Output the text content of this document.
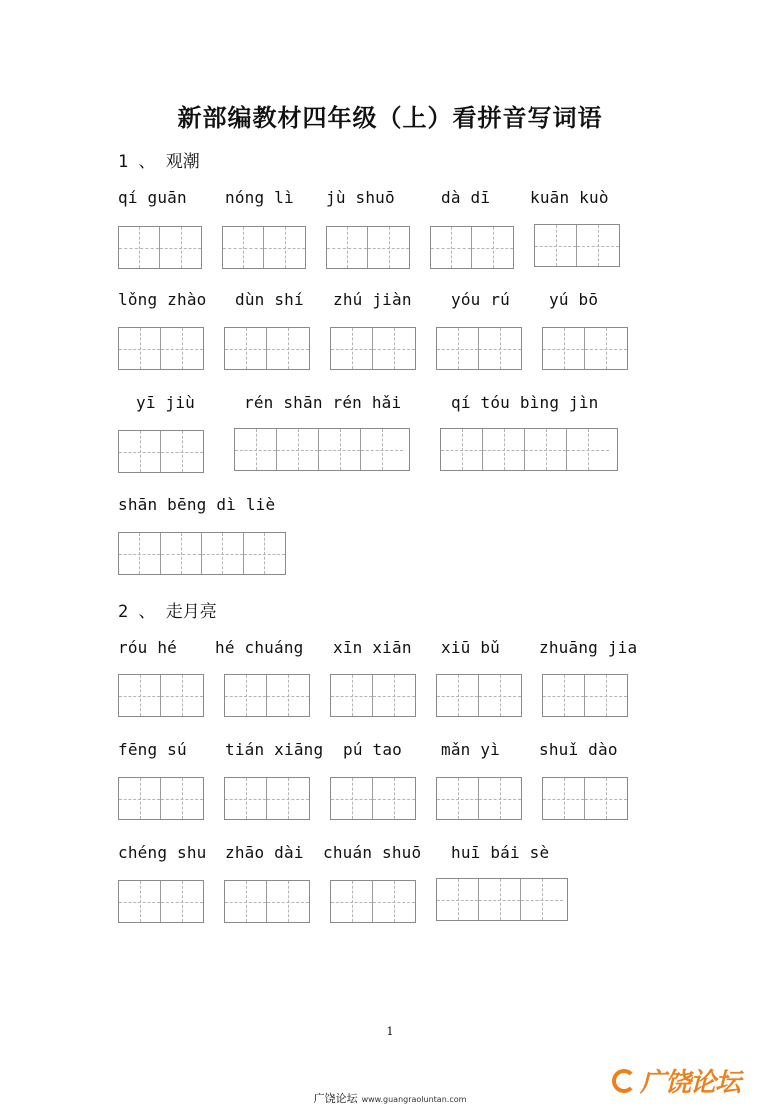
新部编教材四年级（上）看拼音写词语
1 、 观潮
qí guān nóng lì jù shuō	dà dī kuān kuò
lǒng zhào dùn shí zhú jiàn yóu rú yú bō
yī jiù	rén shān rén hǎi	qí tóu bìng jìn
shān bēng dì liè
2 、 走月亮
róu hé hé chuáng xīn xiān xiū bǔ zhuāng jia
fēng sú tián xiāng pú tao mǎn yì shuǐ dào
chéng shu zhāo dài chuán shuō huī bái sè
1
广饶论坛
广饶论坛 www.guangraoluntan.com
